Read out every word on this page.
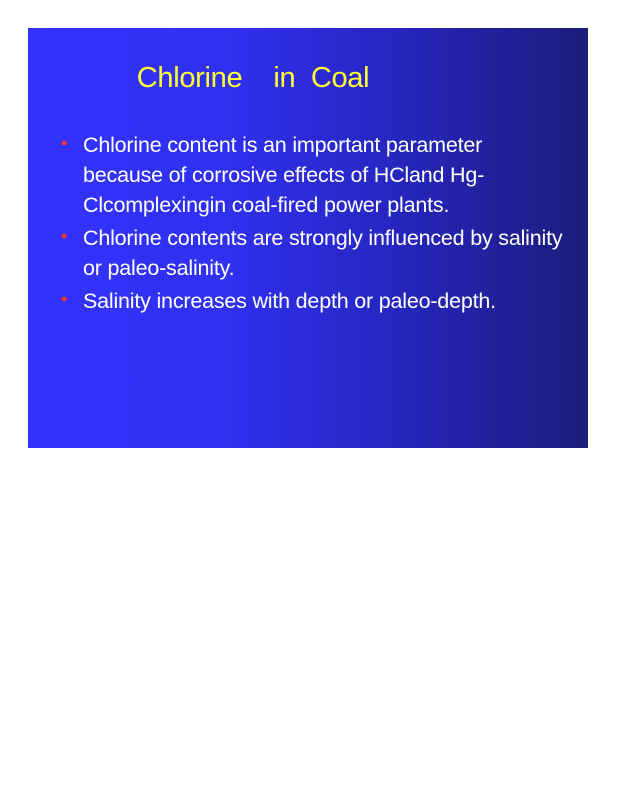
Chlorine    in  Coal
• Chlorine content is an important parameter because of corrosive effects of HCland Hg-Clcomplexingin coal-fired power plants.
• Chlorine contents are strongly influenced by salinity or paleo-salinity.
• Salinity increases with depth or paleo-depth.
